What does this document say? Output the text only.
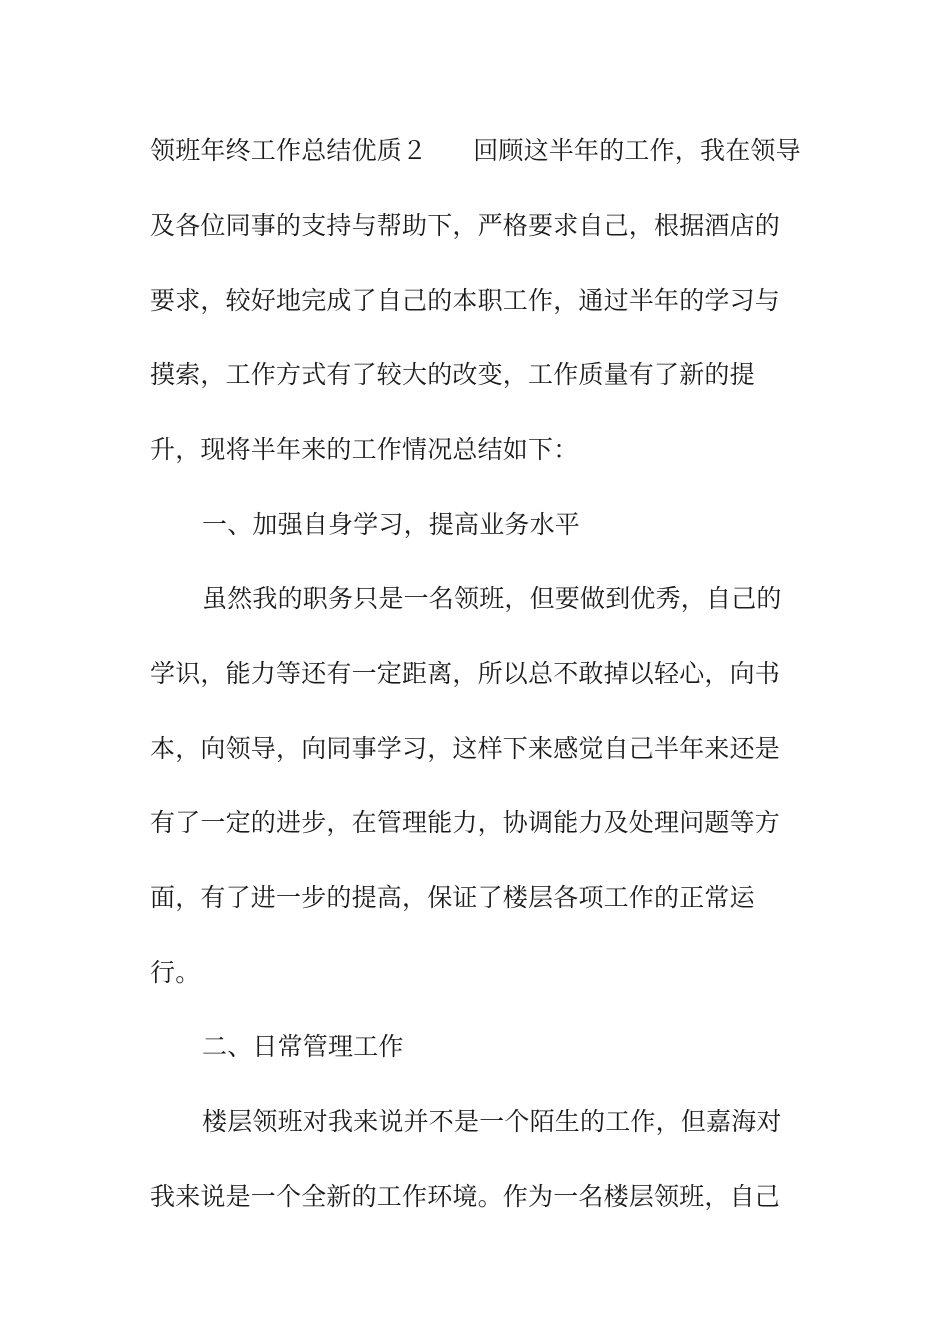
领班年终工作总结优质２ 回顾这半年的工作，我在领导
及各位同事的支持与帮助下，严格要求自己，根据酒店的
要求，较好地完成了自己的本职工作，通过半年的学习与
摸索，工作方式有了较大的改变，工作质量有了新的提
升，现将半年来的工作情况总结如下：
一、加强自身学习，提高业务水平
虽然我的职务只是一名领班，但要做到优秀，自己的
学识，能力等还有一定距离，所以总不敢掉以轻心，向书
本，向领导，向同事学习，这样下来感觉自己半年来还是
有了一定的进步，在管理能力，协调能力及处理问题等方
面，有了进一步的提高，保证了楼层各项工作的正常运
行。
二、日常管理工作
楼层领班对我来说并不是一个陌生的工作，但嘉海对
我来说是一个全新的工作环境。作为一名楼层领班，自己
